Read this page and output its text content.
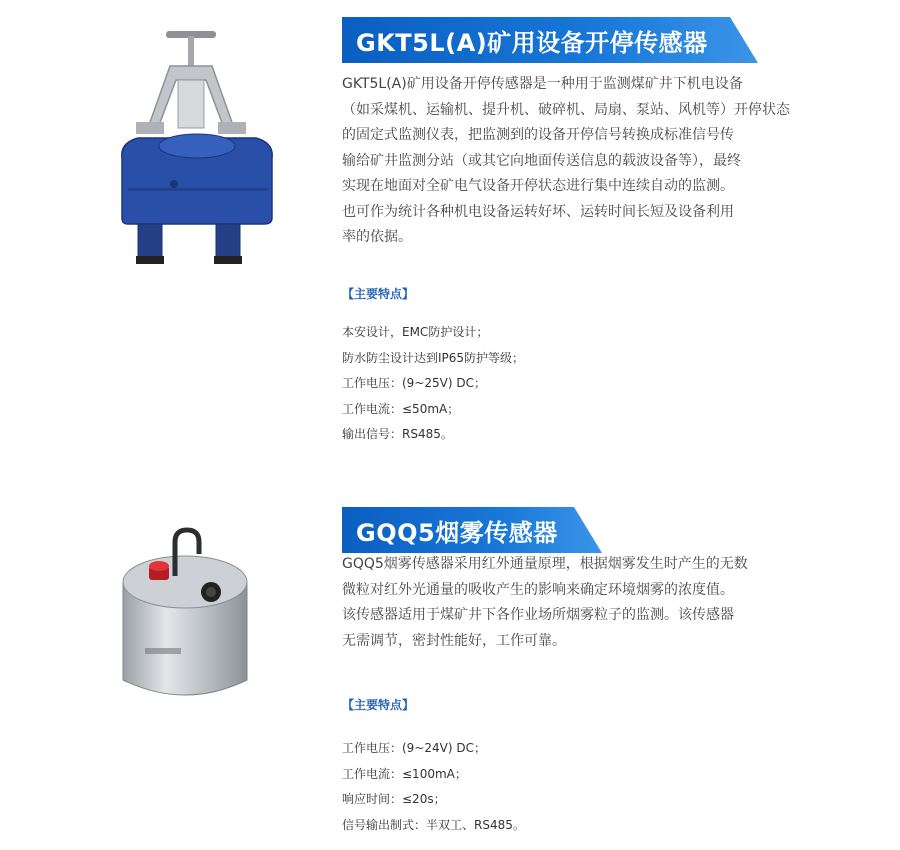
GKT5L(A)矿用设备开停传感器
GKT5L(A)矿用设备开停传感器是一种用于监测煤矿井下机电设备
（如采煤机、运输机、提升机、破碎机、局扇、泵站、风机等）开停状态
的固定式监测仪表，把监测到的设备开停信号转换成标准信号传
输给矿井监测分站（或其它向地面传送信息的载波设备等），最终
实现在地面对全矿电气设备开停状态进行集中连续自动的监测。
也可作为统计各种机电设备运转好坏、运转时间长短及设备利用
率的依据。
【主要特点】
本安设计，EMC防护设计；
防水防尘设计达到IP65防护等级；
工作电压：(9~25V) DC；
工作电流：≤50mA；
输出信号：RS485。
GQQ5烟雾传感器
GQQ5烟雾传感器采用红外通量原理，根据烟雾发生时产生的无数
微粒对红外光通量的吸收产生的影响来确定环境烟雾的浓度值。
该传感器适用于煤矿井下各作业场所烟雾粒子的监测。该传感器
无需调节，密封性能好，工作可靠。
【主要特点】
工作电压：(9~24V) DC；
工作电流：≤100mA；
响应时间：≤20s；
信号输出制式：半双工、RS485。
